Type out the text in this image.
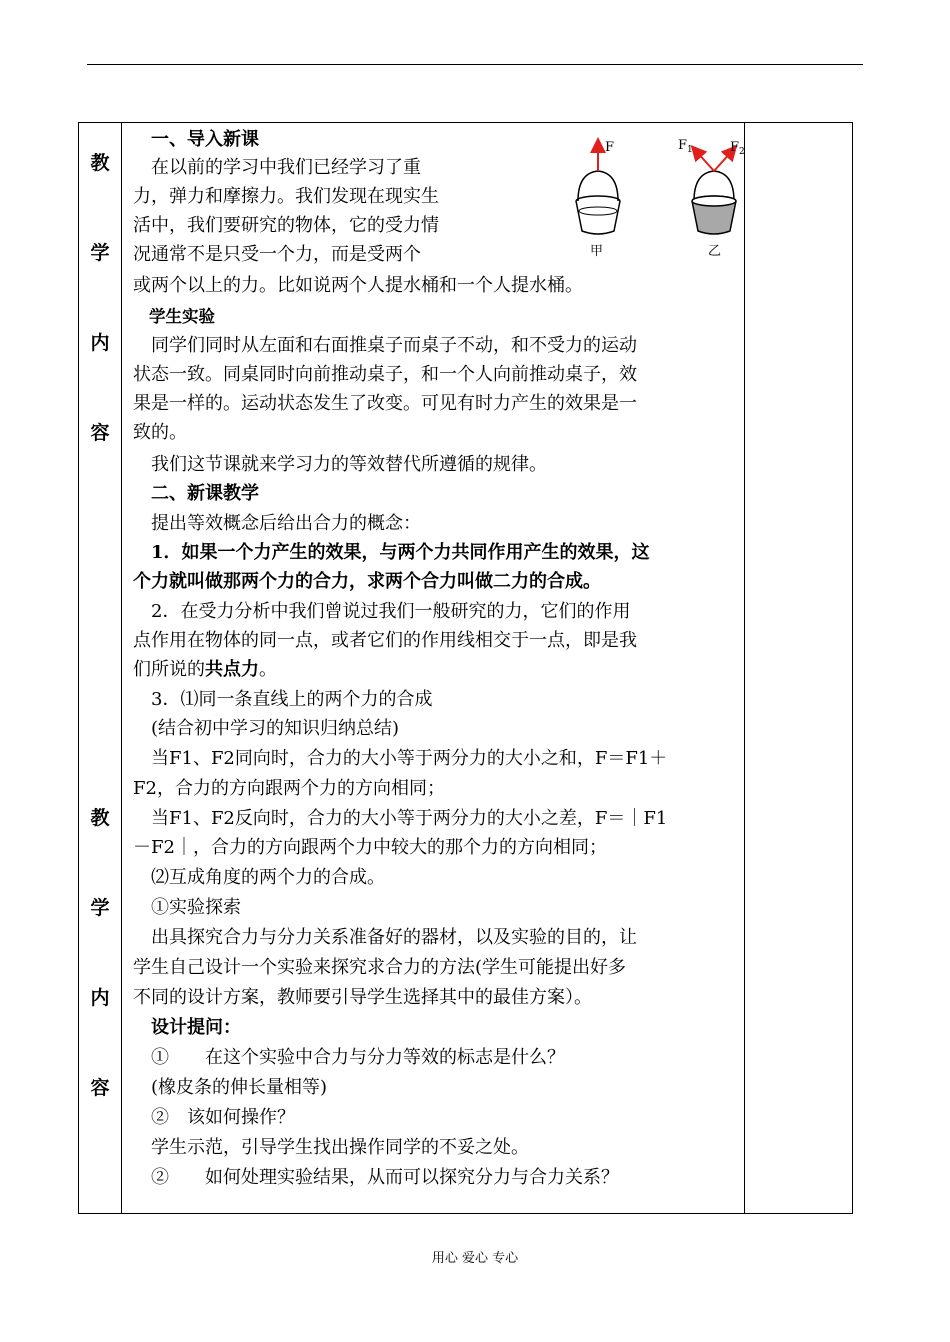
教
学
内
容
教
学
内
容
一、导入新课
　在以前的学习中我们已经学习了重
力，弹力和摩擦力。我们发现在现实生
活中，我们要研究的物体，它的受力情
况通常不是只受一个力，而是受两个
或两个以上的力。比如说两个人提水桶和一个人提水桶。
学生实验
　同学们同时从左面和右面推桌子而桌子不动，和不受力的运动
状态一致。同桌同时向前推动桌子，和一个人向前推动桌子，效
果是一样的。运动状态发生了改变。可见有时力产生的效果是一
致的。
　我们这节课就来学习力的等效替代所遵循的规律。
　二、新课教学
　提出等效概念后给出合力的概念：
　1．如果一个力产生的效果，与两个力共同作用产生的效果，这
个力就叫做那两个力的合力，求两个合力叫做二力的合成。
　2．在受力分析中我们曾说过我们一般研究的力，它们的作用
点作用在物体的同一点，或者它们的作用线相交于一点，即是我
们所说的共点力。
　3．⑴同一条直线上的两个力的合成
　(结合初中学习的知识归纳总结)
　当F1、F2同向时，合力的大小等于两分力的大小之和，F＝F1＋
F2，合力的方向跟两个力的方向相同；
　当F1、F2反向时，合力的大小等于两分力的大小之差，F＝｜F1
－F2｜，合力的方向跟两个力中较大的那个力的方向相同；
　⑵互成角度的两个力的合成。
　①实验探索
　出具探究合力与分力关系准备好的器材，以及实验的目的，让
学生自己设计一个实验来探究求合力的方法(学生可能提出好多
不同的设计方案，教师要引导学生选择其中的最佳方案）。
　设计提问：
　①　　在这个实验中合力与分力等效的标志是什么？
　(橡皮条的伸长量相等)
　②　该如何操作？
　学生示范，引导学生找出操作同学的不妥之处。
　②　　如何处理实验结果，从而可以探究分力与合力关系？
F
甲
$F_1$	$F_2$
乙
用心 爱心 专心
